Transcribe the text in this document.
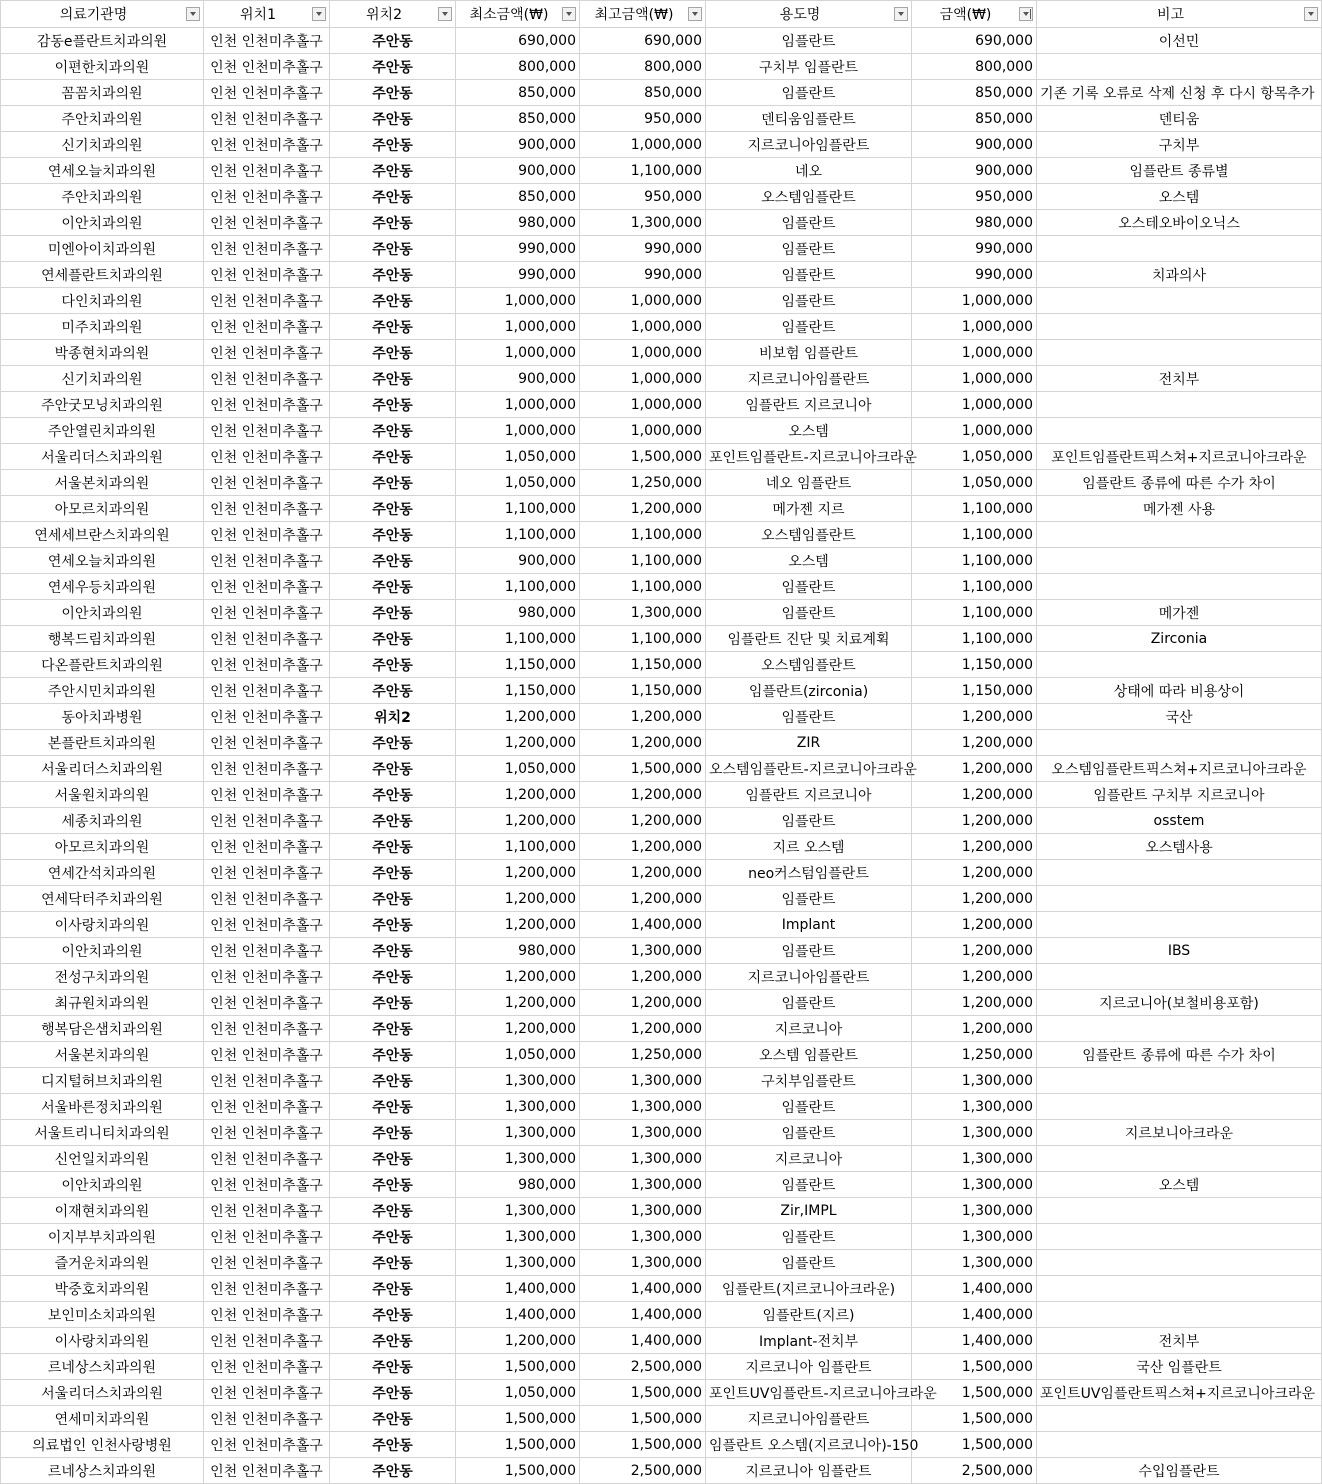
의료기관명	위치1	위치2	최소금액(₩)	최고금액(₩)	용도명	금액(₩)	비고

감동e플란트치과의원	인천 인천미추홀구	주안동	690,000	690,000	임플란트	690,000	이선민
이편한치과의원	인천 인천미추홀구	주안동	800,000	800,000	구치부 임플란트	800,000	
꼼꼼치과의원	인천 인천미추홀구	주안동	850,000	850,000	임플란트	850,000	기존 기록 오류로 삭제 신청 후 다시 항목추가
주안치과의원	인천 인천미추홀구	주안동	850,000	950,000	덴티움임플란트	850,000	덴티움
신기치과의원	인천 인천미추홀구	주안동	900,000	1,000,000	지르코니아임플란트	900,000	구치부
연세오늘치과의원	인천 인천미추홀구	주안동	900,000	1,100,000	네오	900,000	임플란트 종류별
주안치과의원	인천 인천미추홀구	주안동	850,000	950,000	오스템임플란트	950,000	오스템
이안치과의원	인천 인천미추홀구	주안동	980,000	1,300,000	임플란트	980,000	오스테오바이오닉스
미엔아이치과의원	인천 인천미추홀구	주안동	990,000	990,000	임플란트	990,000	
연세플란트치과의원	인천 인천미추홀구	주안동	990,000	990,000	임플란트	990,000	치과의사
다인치과의원	인천 인천미추홀구	주안동	1,000,000	1,000,000	임플란트	1,000,000	
미주치과의원	인천 인천미추홀구	주안동	1,000,000	1,000,000	임플란트	1,000,000	
박종현치과의원	인천 인천미추홀구	주안동	1,000,000	1,000,000	비보험 임플란트	1,000,000	
신기치과의원	인천 인천미추홀구	주안동	900,000	1,000,000	지르코니아임플란트	1,000,000	전치부
주안굿모닝치과의원	인천 인천미추홀구	주안동	1,000,000	1,000,000	임플란트 지르코니아	1,000,000	
주안열린치과의원	인천 인천미추홀구	주안동	1,000,000	1,000,000	오스템	1,000,000	
서울리더스치과의원	인천 인천미추홀구	주안동	1,050,000	1,500,000	포인트임플란트-지르코니아크라운	1,050,000	포인트임플란트픽스쳐+지르코니아크라운
서울본치과의원	인천 인천미추홀구	주안동	1,050,000	1,250,000	네오 임플란트	1,050,000	임플란트 종류에 따른 수가 차이
아모르치과의원	인천 인천미추홀구	주안동	1,100,000	1,200,000	메가젠 지르	1,100,000	메가젠 사용
연세세브란스치과의원	인천 인천미추홀구	주안동	1,100,000	1,100,000	오스템임플란트	1,100,000	
연세오늘치과의원	인천 인천미추홀구	주안동	900,000	1,100,000	오스템	1,100,000	
연세우등치과의원	인천 인천미추홀구	주안동	1,100,000	1,100,000	임플란트	1,100,000	
이안치과의원	인천 인천미추홀구	주안동	980,000	1,300,000	임플란트	1,100,000	메가젠
행복드림치과의원	인천 인천미추홀구	주안동	1,100,000	1,100,000	임플란트 진단 및 치료계획	1,100,000	Zirconia
다온플란트치과의원	인천 인천미추홀구	주안동	1,150,000	1,150,000	오스템임플란트	1,150,000	
주안시민치과의원	인천 인천미추홀구	주안동	1,150,000	1,150,000	임플란트(zirconia)	1,150,000	상태에 따라 비용상이
동아치과병원	인천 인천미추홀구	위치2	1,200,000	1,200,000	임플란트	1,200,000	국산
본플란트치과의원	인천 인천미추홀구	주안동	1,200,000	1,200,000	ZIR	1,200,000	
서울리더스치과의원	인천 인천미추홀구	주안동	1,050,000	1,500,000	오스템임플란트-지르코니아크라운	1,200,000	오스템임플란트픽스쳐+지르코니아크라운
서울원치과의원	인천 인천미추홀구	주안동	1,200,000	1,200,000	임플란트 지르코니아	1,200,000	임플란트 구치부 지르코니아
세종치과의원	인천 인천미추홀구	주안동	1,200,000	1,200,000	임플란트	1,200,000	osstem
아모르치과의원	인천 인천미추홀구	주안동	1,100,000	1,200,000	지르 오스템	1,200,000	오스템사용
연세간석치과의원	인천 인천미추홀구	주안동	1,200,000	1,200,000	neo커스텀임플란트	1,200,000	
연세닥터주치과의원	인천 인천미추홀구	주안동	1,200,000	1,200,000	임플란트	1,200,000	
이사랑치과의원	인천 인천미추홀구	주안동	1,200,000	1,400,000	Implant	1,200,000	
이안치과의원	인천 인천미추홀구	주안동	980,000	1,300,000	임플란트	1,200,000	IBS
전성구치과의원	인천 인천미추홀구	주안동	1,200,000	1,200,000	지르코니아임플란트	1,200,000	
최규원치과의원	인천 인천미추홀구	주안동	1,200,000	1,200,000	임플란트	1,200,000	지르코니아(보철비용포함)
행복담은샘치과의원	인천 인천미추홀구	주안동	1,200,000	1,200,000	지르코니아	1,200,000	
서울본치과의원	인천 인천미추홀구	주안동	1,050,000	1,250,000	오스템 임플란트	1,250,000	임플란트 종류에 따른 수가 차이
디지털허브치과의원	인천 인천미추홀구	주안동	1,300,000	1,300,000	구치부임플란트	1,300,000	
서울바른정치과의원	인천 인천미추홀구	주안동	1,300,000	1,300,000	임플란트	1,300,000	
서울트리니티치과의원	인천 인천미추홀구	주안동	1,300,000	1,300,000	임플란트	1,300,000	지르보니아크라운
신언일치과의원	인천 인천미추홀구	주안동	1,300,000	1,300,000	지르코니아	1,300,000	
이안치과의원	인천 인천미추홀구	주안동	980,000	1,300,000	임플란트	1,300,000	오스템
이재현치과의원	인천 인천미추홀구	주안동	1,300,000	1,300,000	Zir,IMPL	1,300,000	
이지부부치과의원	인천 인천미추홀구	주안동	1,300,000	1,300,000	임플란트	1,300,000	
즐거운치과의원	인천 인천미추홀구	주안동	1,300,000	1,300,000	임플란트	1,300,000	
박중호치과의원	인천 인천미추홀구	주안동	1,400,000	1,400,000	임플란트(지르코니아크라운)	1,400,000	
보인미소치과의원	인천 인천미추홀구	주안동	1,400,000	1,400,000	임플란트(지르)	1,400,000	
이사랑치과의원	인천 인천미추홀구	주안동	1,200,000	1,400,000	Implant-전치부	1,400,000	전치부
르네상스치과의원	인천 인천미추홀구	주안동	1,500,000	2,500,000	지르코니아 임플란트	1,500,000	국산 임플란트
서울리더스치과의원	인천 인천미추홀구	주안동	1,050,000	1,500,000	포인트UV임플란트-지르코니아크라운	1,500,000	포인트UV임플란트픽스쳐+지르코니아크라운
연세미치과의원	인천 인천미추홀구	주안동	1,500,000	1,500,000	지르코니아임플란트	1,500,000	
의료법인 인천사랑병원	인천 인천미추홀구	주안동	1,500,000	1,500,000	임플란트 오스템(지르코니아)-150	1,500,000	
르네상스치과의원	인천 인천미추홀구	주안동	1,500,000	2,500,000	지르코니아 임플란트	2,500,000	수입임플란트
